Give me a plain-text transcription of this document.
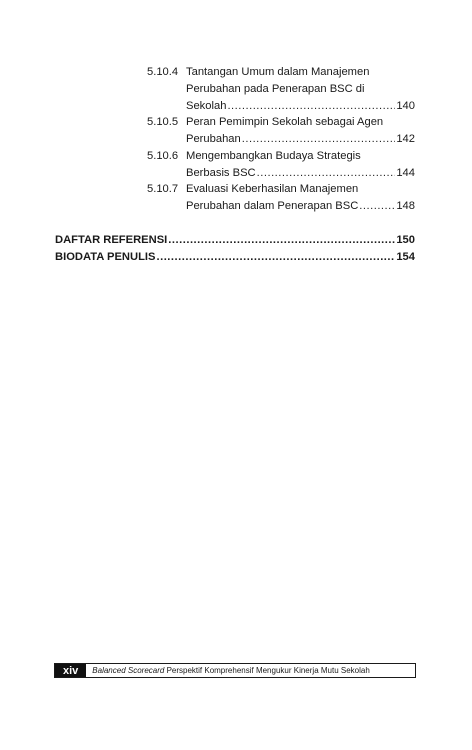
5.10.4 Tantangan Umum dalam Manajemen
Perubahan pada Penerapan BSC di
Sekolah .....	140
5.10.5 Peran Pemimpin Sekolah sebagai Agen
Perubahan .....	142
5.10.6 Mengembangkan Budaya Strategis
Berbasis BSC .....	144
5.10.7 Evaluasi Keberhasilan Manajemen
Perubahan dalam Penerapan BSC .....	148
DAFTAR REFERENSI .....	150
BIODATA PENULIS .....	154
xiv	Balanced Scorecard Perspektif Komprehensif Mengukur Kinerja Mutu Sekolah
